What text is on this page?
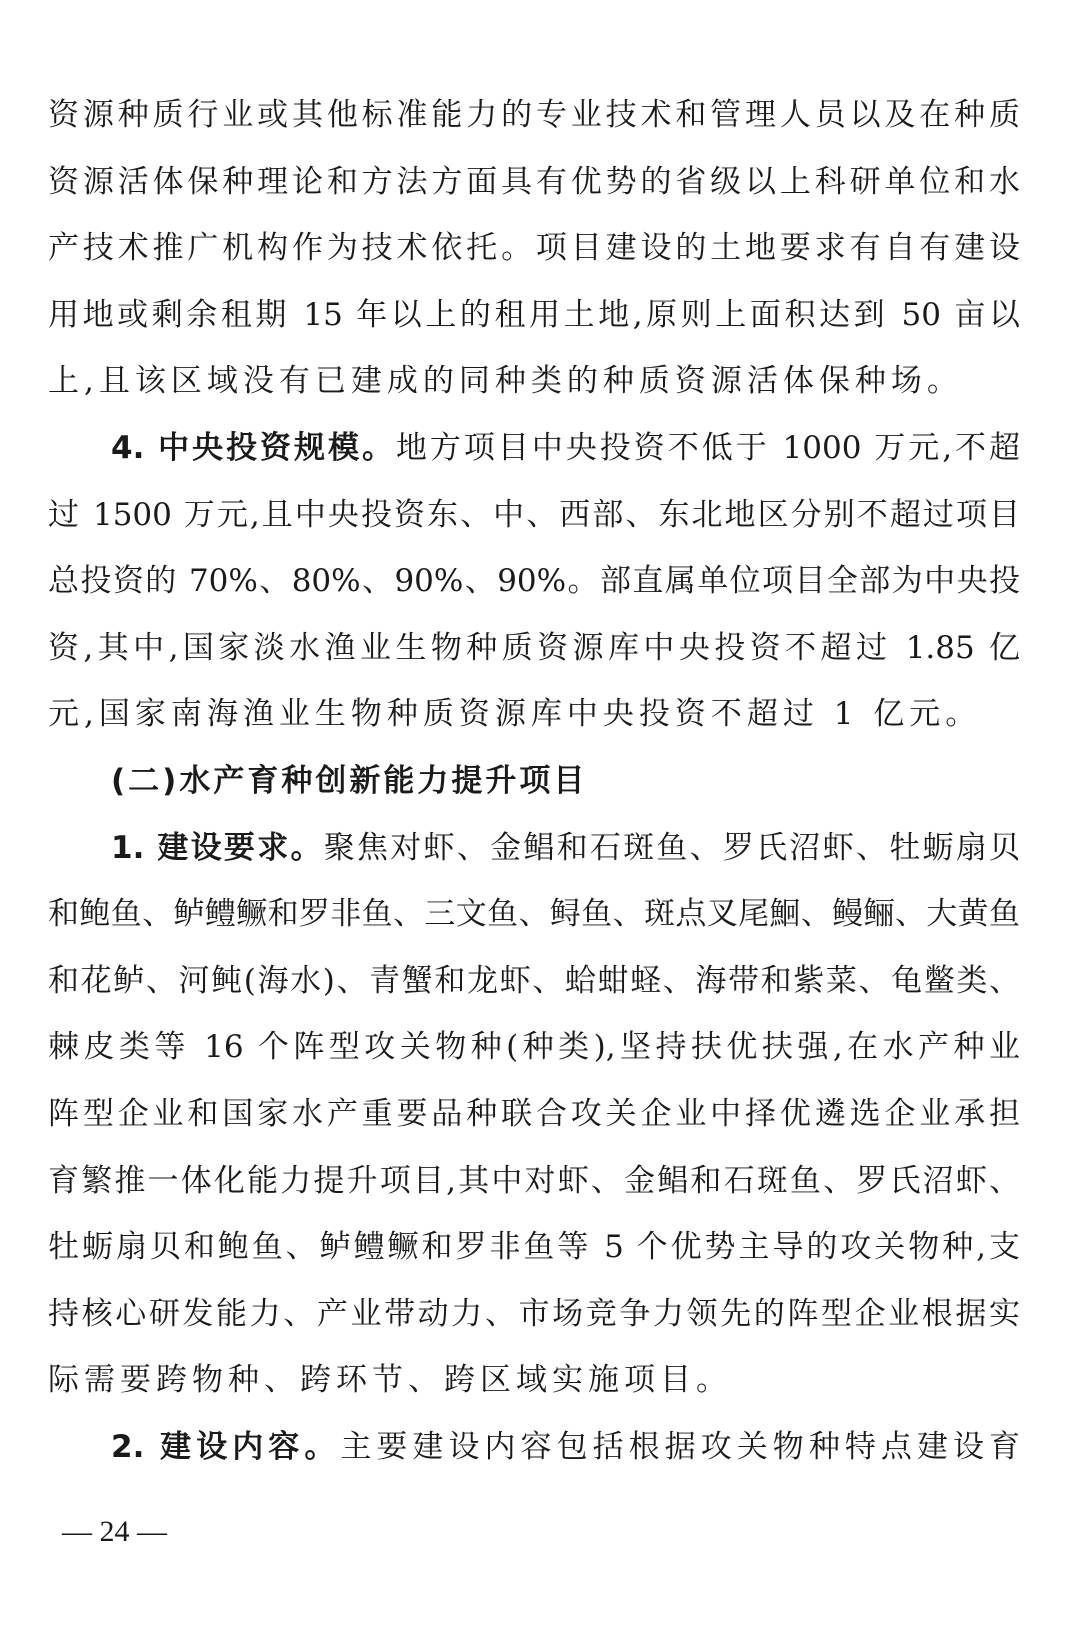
资源种质行业或其他标准能力的专业技术和管理人员以及在种质
资源活体保种理论和方法方面具有优势的省级以上科研单位和水
产技术推广机构作为技术依托。项目建设的土地要求有自有建设
用地或剩余租期 15 年以上的租用土地,原则上面积达到 50 亩以
上,且该区域没有已建成的同种类的种质资源活体保种场。
4. 中央投资规模。地方项目中央投资不低于 1000 万元,不超
过 1500 万元,且中央投资东、中、西部、东北地区分别不超过项目
总投资的 70%、80%、90%、90%。部直属单位项目全部为中央投
资,其中,国家淡水渔业生物种质资源库中央投资不超过 1.85 亿
元,国家南海渔业生物种质资源库中央投资不超过 1 亿元。
(二)水产育种创新能力提升项目
1. 建设要求。聚焦对虾、金鲳和石斑鱼、罗氏沼虾、牡蛎扇贝
和鲍鱼、鲈鳢鳜和罗非鱼、三文鱼、鲟鱼、斑点叉尾鮰、鳗鲡、大黄鱼
和花鲈、河鲀(海水)、青蟹和龙虾、蛤蚶蛏、海带和紫菜、龟鳖类、
棘皮类等 16 个阵型攻关物种(种类),坚持扶优扶强,在水产种业
阵型企业和国家水产重要品种联合攻关企业中择优遴选企业承担
育繁推一体化能力提升项目,其中对虾、金鲳和石斑鱼、罗氏沼虾、
牡蛎扇贝和鲍鱼、鲈鳢鳜和罗非鱼等 5 个优势主导的攻关物种,支
持核心研发能力、产业带动力、市场竞争力领先的阵型企业根据实
际需要跨物种、跨环节、跨区域实施项目。
2. 建设内容。主要建设内容包括根据攻关物种特点建设育
— 24 —
